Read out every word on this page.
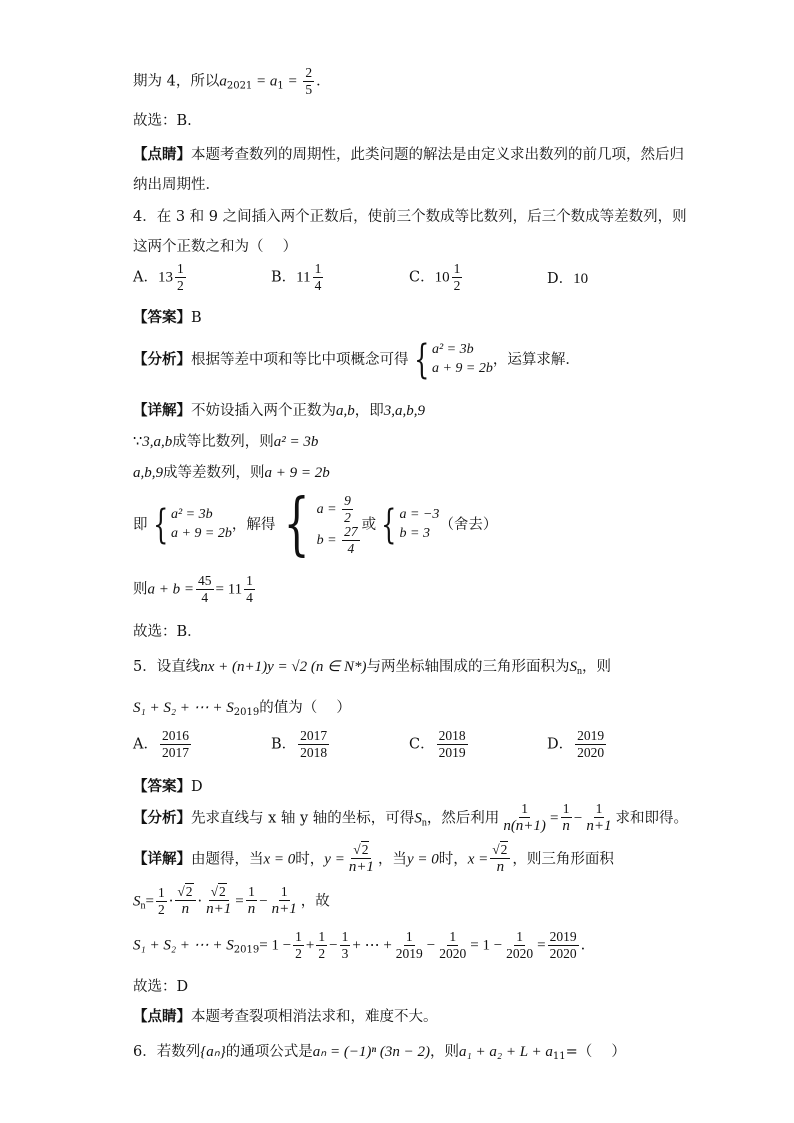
期为 4，所以$a_{2021} = a_1 = \frac{2}{5}$ ．
故选：B.
【点睛】本题考查数列的周期性，此类问题的解法是由定义求出数列的前几项，然后归
纳出周期性．
4．在 3 和 9 之间插入两个正数后，使前三个数成等比数列，后三个数成等差数列，则
这两个正数之和为（　 ）
A．$13 \frac{1}{2}$	B．$11 \frac{1}{4}$	C．$10 \frac{1}{2}$	D．10
【答案】B
【分析】根据等差中项和等比中项概念可得 { a² = 3b
a + 9 = 2b
，运算求解．
【详解】不妨设插入两个正数为a,b，即3,a,b,9
∵3,a,b成等比数列，则a² = 3b
a,b,9成等差数列，则a + 9 = 2b
即 { a² = 3b
a + 9 = 2b
，解得 { $a = \frac{9}{2}$
$b = \frac{27}{4}$ 或 { a = −3
b = 3
（舍去）
则$a + b = \frac{45}{4} = 11 \frac{1}{4}$
故选：B．
5．设直线nx + (n+1)y = √2 (n ∈ N*)与两坐标轴围成的三角形面积为$S_n$，则
S₁ + S₂ + ⋯ + $S_{2019}$的值为（　 ）
A． $\frac{2016}{2017}$	B． $\frac{2017}{2018}$	C． $\frac{2018}{2019}$	D． $\frac{2019}{2020}$
【答案】D
【分析】先求直线与 x 轴 y 轴的坐标，可得$S_n$，然后利用 $\frac{1}{n(n+1)} = \frac{1}{n} - \frac{1}{n+1}$ 求和即得。
【详解】由题得，当x = 0时，$y = \frac{√2}{n+1}$ ，当y = 0时，$x = \frac{√2}{n}$ ，则三角形面积
$S_n= \frac{1}{2} \cdot \frac{√2}{n} \cdot \frac{√2}{n+1} = \frac{1}{n} - \frac{1}{n+1}$ ，故
S₁ + S₂ + ⋯ + $S_{2019}= 1 - \frac{1}{2} + \frac{1}{2} - \frac{1}{3}$ + ⋯ + $\frac{1}{2019} - \frac{1}{2020} = 1 - \frac{1}{2020} = \frac{2019}{2020}$ .
故选：D
【点睛】本题考查裂项相消法求和，难度不大。
6．若数列{aₙ}的通项公式是aₙ = (−1)ⁿ (3n − 2)，则$a_1 + a_2 + L + a_{11}=$（　 ）
